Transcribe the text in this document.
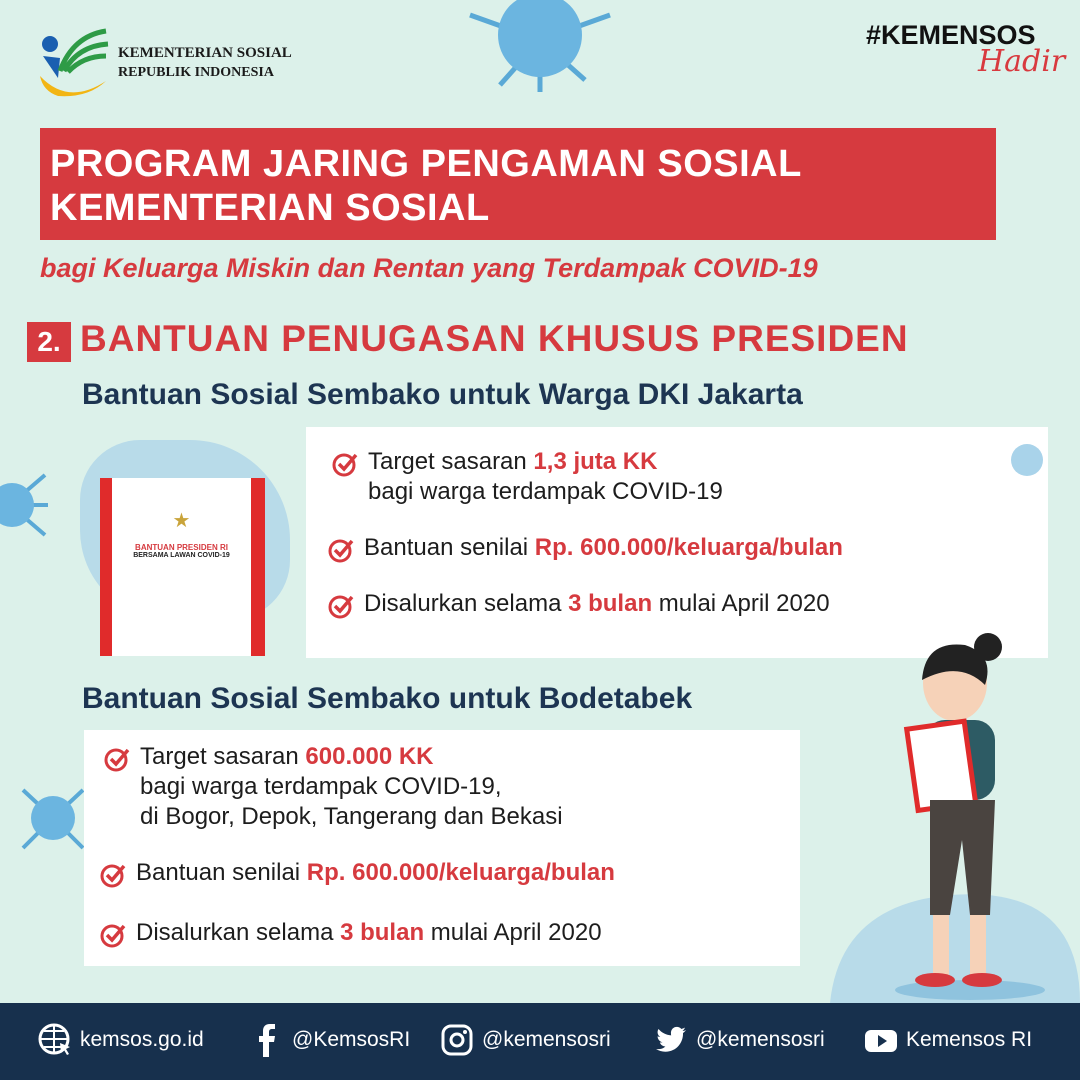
KEMENTERIAN SOSIAL
REPUBLIK INDONESIA
#KEMENSOS
Hadir
PROGRAM JARING PENGAMAN SOSIAL
KEMENTERIAN SOSIAL
bagi Keluarga Miskin dan Rentan yang Terdampak COVID-19
2. BANTUAN PENUGASAN KHUSUS PRESIDEN
Bantuan Sosial Sembako untuk Warga DKI Jakarta
★
BANTUAN PRESIDEN RI
BERSAMA LAWAN COVID-19
Target sasaran 1,3 juta KK
bagi warga terdampak COVID-19
Bantuan senilai Rp. 600.000/keluarga/bulan
Disalurkan selama 3 bulan mulai April 2020
Bantuan Sosial Sembako untuk Bodetabek
Target sasaran 600.000 KK
bagi warga terdampak COVID-19,
di Bogor, Depok, Tangerang dan Bekasi
Bantuan senilai Rp. 600.000/keluarga/bulan
Disalurkan selama 3 bulan mulai April 2020
kemsos.go.id	@KemsosRI	@kemensosri	@kemensosri	Kemensos RI
